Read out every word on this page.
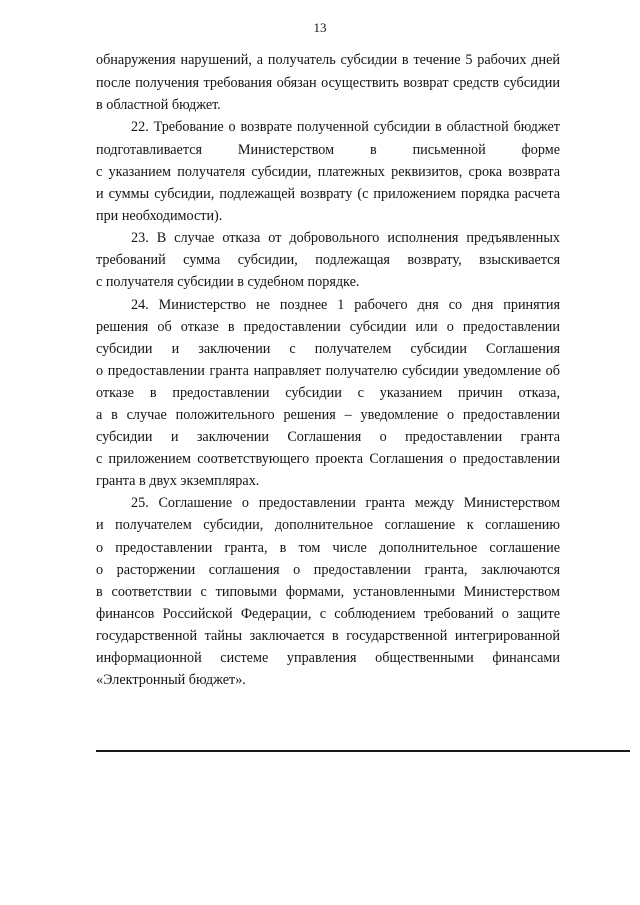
13
обнаружения нарушений, а получатель субсидии в течение 5 рабочих дней
после получения требования обязан осуществить возврат средств субсидии
в областной бюджет.
22. Требование о возврате полученной субсидии в областной бюджет
подготавливается Министерством в письменной форме
с указанием получателя субсидии, платежных реквизитов, срока возврата
и суммы субсидии, подлежащей возврату (с приложением порядка расчета
при необходимости).
23. В случае отказа от добровольного исполнения предъявленных
требований сумма субсидии, подлежащая возврату, взыскивается
с получателя субсидии в судебном порядке.
24. Министерство не позднее 1 рабочего дня со дня принятия
решения об отказе в предоставлении субсидии или о предоставлении
субсидии и заключении с получателем субсидии Соглашения
о предоставлении гранта направляет получателю субсидии уведомление об
отказе в предоставлении субсидии с указанием причин отказа,
а в случае положительного решения – уведомление о предоставлении
субсидии и заключении Соглашения о предоставлении гранта
с приложением соответствующего проекта Соглашения о предоставлении
гранта в двух экземплярах.
25. Соглашение о предоставлении гранта между Министерством
и получателем субсидии, дополнительное соглашение к соглашению
о предоставлении гранта, в том числе дополнительное соглашение
о расторжении соглашения о предоставлении гранта, заключаются
в соответствии с типовыми формами, установленными Министерством
финансов Российской Федерации, с соблюдением требований о защите
государственной тайны заключается в государственной интегрированной
информационной системе управления общественными финансами
«Электронный бюджет».
